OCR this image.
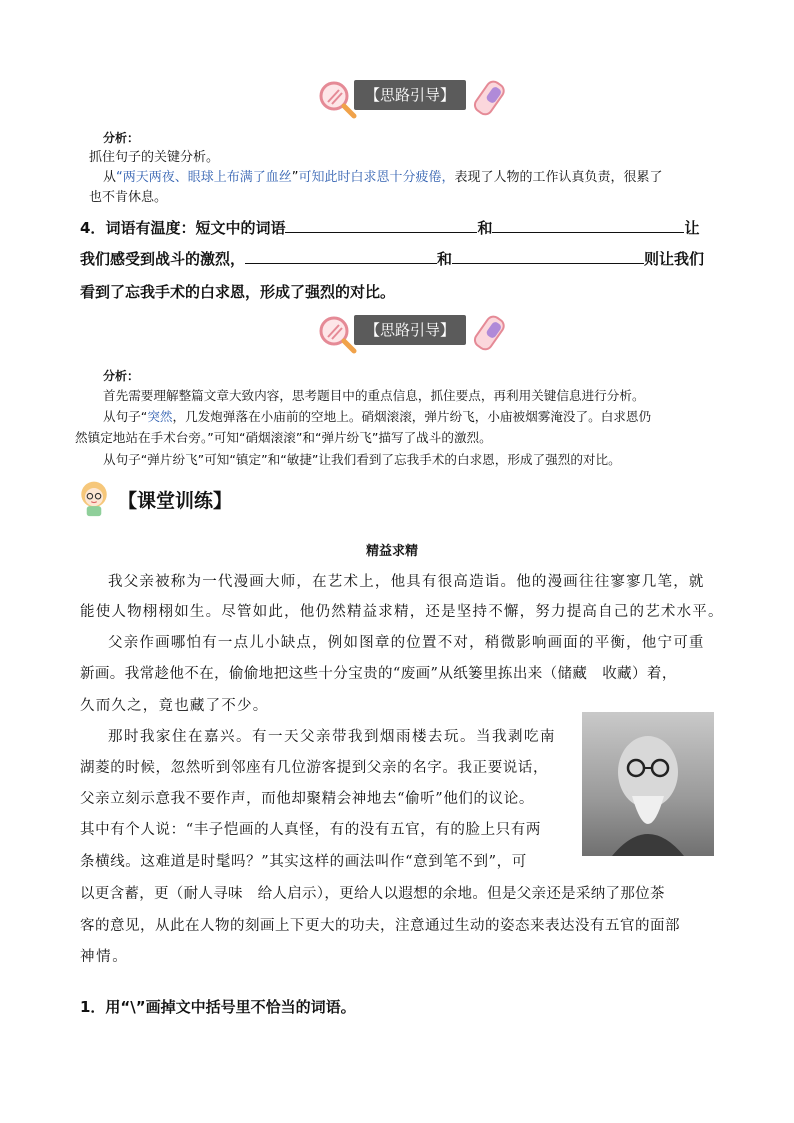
【思路引导】
分析：
抓住句子的关键分析。
从“两天两夜、眼球上布满了血丝”可知此时白求恩十分疲倦，表现了人物的工作认真负责，很累了
也不肯休息。
4．词语有温度：短文中的词语	和	让
我们感受到战斗的激烈，	和	则让我们
看到了忘我手术的白求恩，形成了强烈的对比。
【思路引导】
分析：
首先需要理解整篇文章大致内容，思考题目中的重点信息，抓住要点，再利用关键信息进行分析。
从句子“突然，几发炮弹落在小庙前的空地上。硝烟滚滚，弹片纷飞，小庙被烟雾淹没了。白求恩仍
然镇定地站在手术台旁。”可知“硝烟滚滚”和“弹片纷飞”描写了战斗的激烈。
从句子“弹片纷飞”可知“镇定”和“敏捷”让我们看到了忘我手术的白求恩，形成了强烈的对比。
【课堂训练】
精益求精
我父亲被称为一代漫画大师，在艺术上，他具有很高造诣。他的漫画往往寥寥几笔，就
能使人物栩栩如生。尽管如此，他仍然精益求精，还是坚持不懈，努力提高自己的艺术水平。
父亲作画哪怕有一点儿小缺点，例如图章的位置不对，稍微影响画面的平衡，他宁可重
新画。我常趁他不在，偷偷地把这些十分宝贵的“废画”从纸篓里拣出来（储藏　收藏）着，
久而久之，竟也藏了不少。
那时我家住在嘉兴。有一天父亲带我到烟雨楼去玩。当我剥吃南
湖菱的时候，忽然听到邻座有几位游客提到父亲的名字。我正要说话，
父亲立刻示意我不要作声，而他却聚精会神地去“偷听”他们的议论。
其中有个人说：“丰子恺画的人真怪，有的没有五官，有的脸上只有两
条横线。这难道是时髦吗？”其实这样的画法叫作“意到笔不到”，可
以更含蓄，更（耐人寻味　给人启示），更给人以遐想的余地。但是父亲还是采纳了那位茶
客的意见，从此在人物的刻画上下更大的功夫，注意通过生动的姿态来表达没有五官的面部
神情。
1．用“\”画掉文中括号里不恰当的词语。
